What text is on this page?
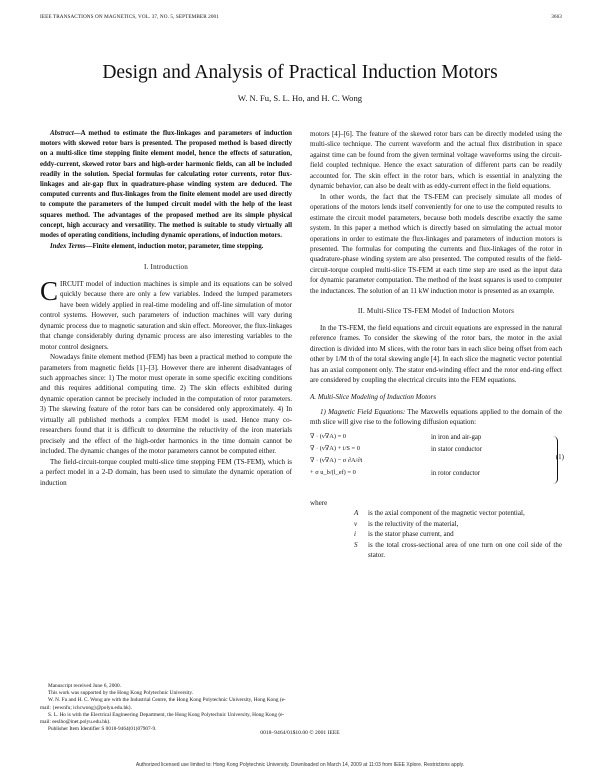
IEEE TRANSACTIONS ON MAGNETICS, VOL. 37, NO. 5, SEPTEMBER 2001	3663
Design and Analysis of Practical Induction Motors
W. N. Fu, S. L. Ho, and H. C. Wong

Abstract—A method to estimate the flux-linkages and parameters of induction motors with skewed rotor bars is presented. The proposed method is based directly on a multi-slice time stepping finite element model, hence the effects of saturation, eddy-current, skewed rotor bars and high-order harmonic fields, can all be included readily in the solution. Special formulas for calculating rotor currents, rotor flux-linkages and air-gap flux in quadrature-phase winding system are deduced. The computed currents and flux-linkages from the finite element model are used directly to compute the parameters of the lumped circuit model with the help of the least squares method. The advantages of the proposed method are its simple physical concept, high accuracy and versatility. The method is suitable to study virtually all modes of operating conditions, including dynamic operations, of induction motors.

Index Terms—Finite element, induction motor, parameter, time stepping.

I. Introduction

CIRCUIT model of induction machines is simple and its equations can be solved quickly because there are only a few variables. Indeed the lumped parameters have been widely applied in real-time modeling and off-line simulation of motor control systems. However, such parameters of induction machines will vary during dynamic process due to magnetic saturation and skin effect. Moreover, the flux-linkages that change considerably during dynamic process are also interesting variables to the motor control designers.

Nowadays finite element method (FEM) has been a practical method to compute the parameters from magnetic fields [1]–[3]. However there are inherent disadvantages of such approaches since: 1) The motor must operate in some specific exciting conditions and this requires additional computing time. 2) The skin effects exhibited during dynamic operation cannot be precisely included in the computation of rotor parameters. 3) The skewing feature of the rotor bars can be considered only approximately. 4) In virtually all published methods a complex FEM model is used. Hence many co-researchers found that it is difficult to determine the reluctivity of the iron materials precisely and the effect of the high-order harmonics in the time domain cannot be included. The dynamic changes of the motor parameters cannot be computed either.

The field-circuit-torque coupled multi-slice time stepping FEM (TS-FEM), which is a perfect model in a 2-D domain, has been used to simulate the dynamic operation of induction

Manuscript received June 6, 2000.

This work was supported by the Hong Kong Polytechnic University.

W. N. Fu and H. C. Wong are with the Industrial Centre, the Hong Kong Polytechnic University, Hong Kong (e-mail: {eewnfu; ichcwong}@polyu.edu.hk).

S. L. Ho is with the Electrical Engineering Department, the Hong Kong Polytechnic University, Hong Kong (e-mail: eeslho@inet.polyu.edu.hk).

Publisher Item Identifier S 0018-9464(01)07907-9.

motors [4]–[6]. The feature of the skewed rotor bars can be directly modeled using the multi-slice technique. The current waveform and the actual flux distribution in space against time can be found from the given terminal voltage waveforms using the circuit-field coupled technique. Hence the exact saturation of different parts can be readily accounted for. The skin effect in the rotor bars, which is essential in analyzing the dynamic behavior, can also be dealt with as eddy-current effect in the field equations.

In other words, the fact that the TS-FEM can precisely simulate all modes of operations of the motors lends itself conveniently for one to use the computed results to estimate the circuit model parameters, because both models describe exactly the same system. In this paper a method which is directly based on simulating the actual motor operations in order to estimate the flux-linkages and parameters of induction motors is presented. The formulas for computing the currents and flux-linkages of the rotor in quadrature-phase winding system are also presented. The computed results of the field-circuit-torque coupled multi-slice TS-FEM at each time step are used as the input data for dynamic parameter computation. The method of the least squares is used to computer the inductances. The solution of an 11 kW induction motor is presented as an example.

II. Multi-Slice TS-FEM Model of Induction Motors

In the TS-FEM, the field equations and circuit equations are expressed in the natural reference frames. To consider the skewing of the rotor bars, the motor in the axial direction is divided into M slices, with the rotor bars in each slice being offset from each other by 1/M th of the total skewing angle [4]. In each slice the magnetic vector potential has an axial component only. The stator end-winding effect and the rotor end-ring effect are considered by coupling the electrical circuits into the FEM equations.

A. Multi-Slice Modeling of Induction Motors

1) Magnetic Field Equations: The Maxwells equations applied to the domain of the mth slice will give rise to the following diffusion equation:

∇ · (ν∇A) = 0
∇ · (ν∇A) + i/S = 0
∇ · (ν∇A) − σ ∂A/∂t
+ σ u_b/(l_ef) = 0
in iron and air-gap
in stator conductor
in rotor conductor
(1)

where

A is the axial component of the magnetic vector potential,
ν is the reluctivity of the material,
i is the stator phase current, and
S is the total cross-sectional area of one turn on one coil side of the stator.
0018–9464/01$10.00 © 2001 IEEE
Authorized licensed use limited to: Hong Kong Polytechnic University. Downloaded on March 14, 2009 at 11:03 from IEEE Xplore. Restrictions apply.
